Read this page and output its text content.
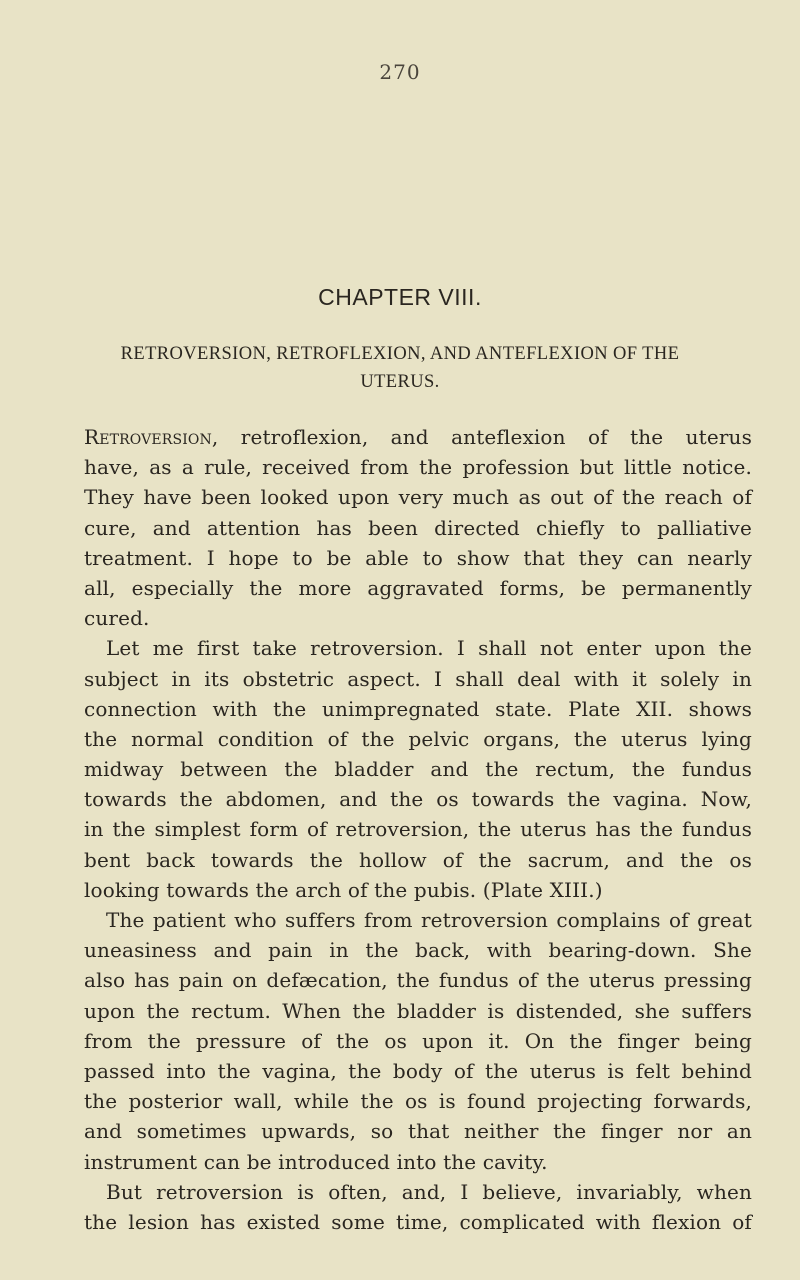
270
CHAPTER VIII.
RETROVERSION, RETROFLEXION, AND ANTEFLEXION OF THE UTERUS.
Retroversion, retroflexion, and anteflexion of the uterus
have, as a rule, received from the profession but little notice.
They have been looked upon very much as out of the reach of
cure, and attention has been directed chiefly to palliative
treatment. I hope to be able to show that they can nearly
all, especially the more aggravated forms, be permanently
cured.
Let me first take retroversion. I shall not enter upon the
subject in its obstetric aspect. I shall deal with it solely in
connection with the unimpregnated state. Plate XII. shows
the normal condition of the pelvic organs, the uterus lying
midway between the bladder and the rectum, the fundus
towards the abdomen, and the os towards the vagina. Now,
in the simplest form of retroversion, the uterus has the fundus
bent back towards the hollow of the sacrum, and the os
looking towards the arch of the pubis. (Plate XIII.)
The patient who suffers from retroversion complains of great
uneasiness and pain in the back, with bearing-down. She
also has pain on defæcation, the fundus of the uterus pressing
upon the rectum. When the bladder is distended, she suffers
from the pressure of the os upon it. On the finger being
passed into the vagina, the body of the uterus is felt behind
the posterior wall, while the os is found projecting forwards,
and sometimes upwards, so that neither the finger nor an
instrument can be introduced into the cavity.
But retroversion is often, and, I believe, invariably, when
the lesion has existed some time, complicated with flexion of
